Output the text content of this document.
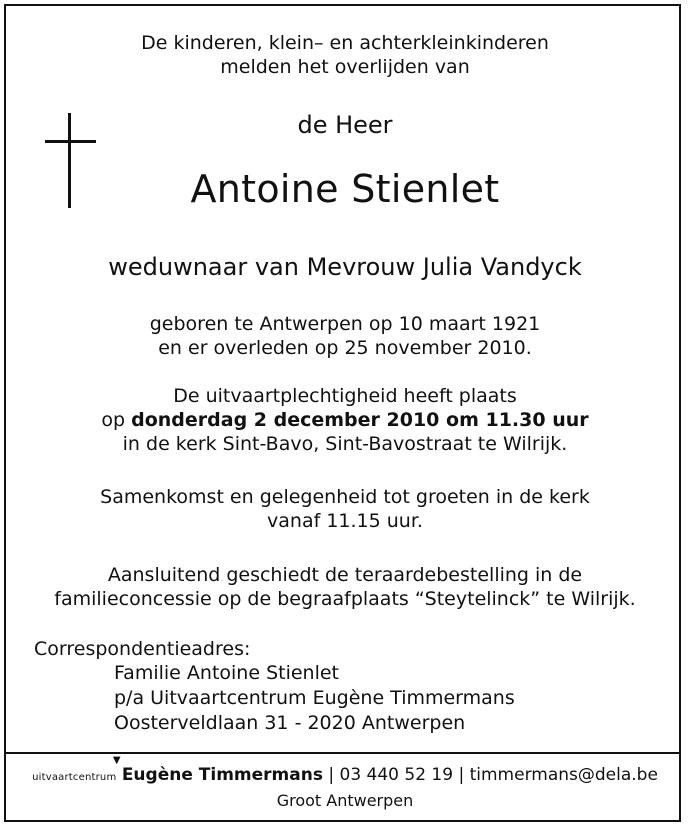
De kinderen, klein– en achterkleinkinderen
melden het overlijden van
de Heer
Antoine Stienlet
weduwnaar van Mevrouw Julia Vandyck
geboren te Antwerpen op 10 maart 1921
en er overleden op 25 november 2010.
De uitvaartplechtigheid heeft plaats
op donderdag 2 december 2010 om 11.30 uur
in de kerk Sint-Bavo, Sint-Bavostraat te Wilrijk.
Samenkomst en gelegenheid tot groeten in de kerk
vanaf 11.15 uur.
Aansluitend geschiedt de teraardebestelling in de
familieconcessie op de begraafplaats “Steytelinck” te Wilrijk.
Correspondentieadres:
Familie Antoine Stienlet
p/a Uitvaartcentrum Eugène Timmermans
Oosterveldlaan 31 - 2020 Antwerpen
uitvaartcentrum
▼
Eugène Timmermans | 03 440 52 19 | timmermans@dela.be
Groot Antwerpen
